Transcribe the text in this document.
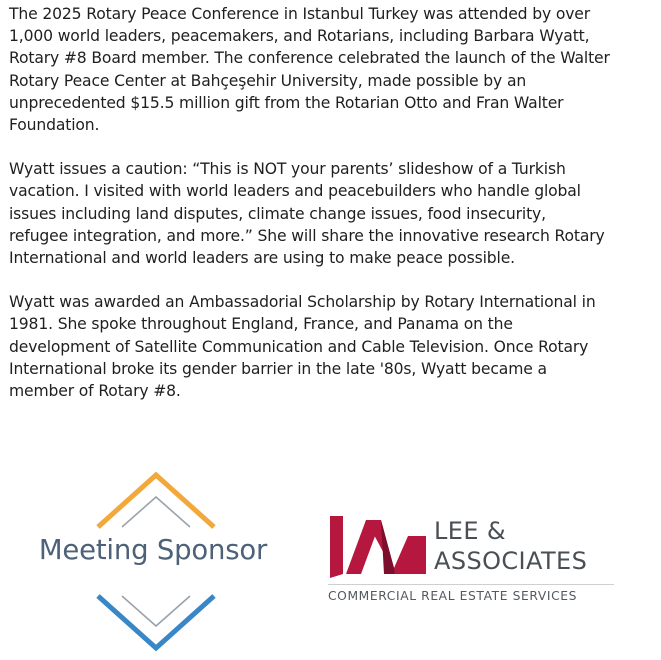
The 2025 Rotary Peace Conference in Istanbul Turkey was attended by over
1,000 world leaders, peacemakers, and Rotarians, including Barbara Wyatt,
Rotary #8 Board member. The conference celebrated the launch of the Walter
Rotary Peace Center at Bahçeşehir University, made possible by an
unprecedented $15.5 million gift from the Rotarian Otto and Fran Walter
Foundation.

Wyatt issues a caution: “This is NOT your parents’ slideshow of a Turkish
vacation. I visited with world leaders and peacebuilders who handle global
issues including land disputes, climate change issues, food insecurity,
refugee integration, and more.” She will share the innovative research Rotary
International and world leaders are using to make peace possible.

Wyatt was awarded an Ambassadorial Scholarship by Rotary International in
1981. She spoke throughout England, France, and Panama on the
development of Satellite Communication and Cable Television. Once Rotary
International broke its gender barrier in the late '80s, Wyatt became a
member of Rotary #8.

Meeting Sponsor
LEE &
ASSOCIATES
COMMERCIAL REAL ESTATE SERVICES
